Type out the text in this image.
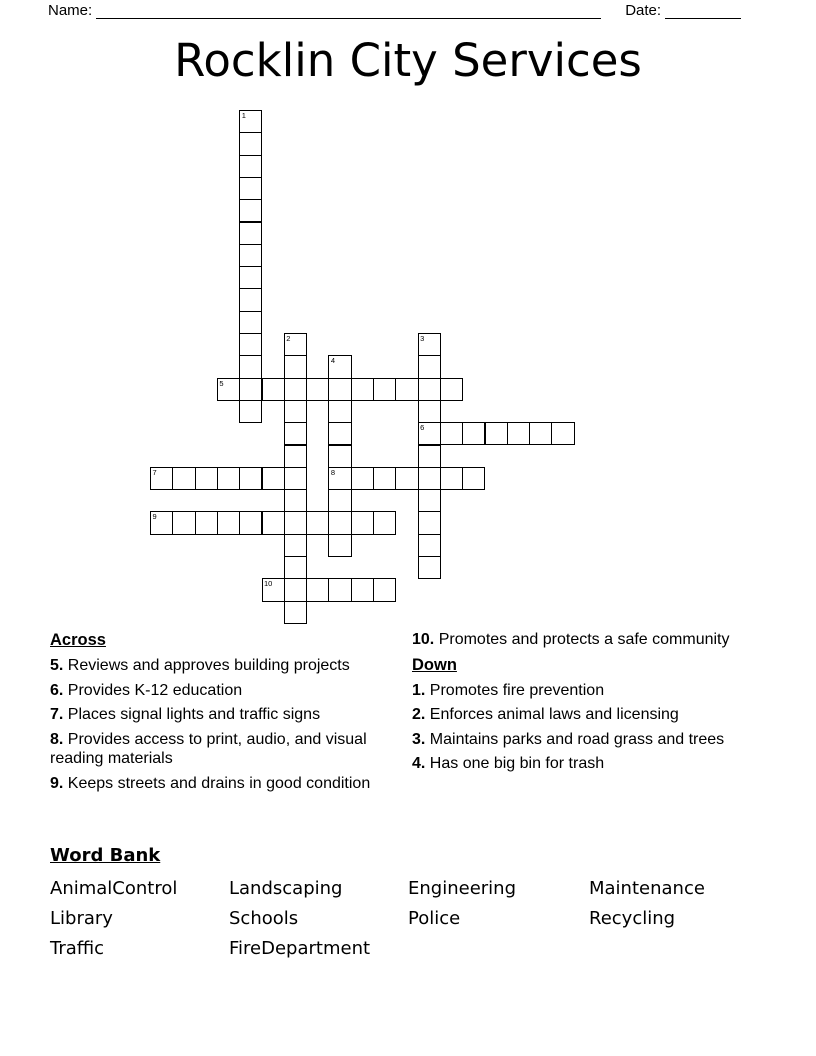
Name:	Date:
Rocklin City Services
1
2	3
6
4
8
5
7
9
10
Across

5. Reviews and approves building projects

6. Provides K-12 education

7. Places signal lights and traffic signs

8. Provides access to print, audio, and visual reading materials

9. Keeps streets and drains in good condition

10. Promotes and protects a safe community

Down

1. Promotes fire prevention

2. Enforces animal laws and licensing

3. Maintains parks and road grass and trees

4. Has one big bin for trash

Word Bank
AnimalControl	Landscaping	Engineering	Maintenance
Library	Schools	Police	Recycling
Traffic	FireDepartment
